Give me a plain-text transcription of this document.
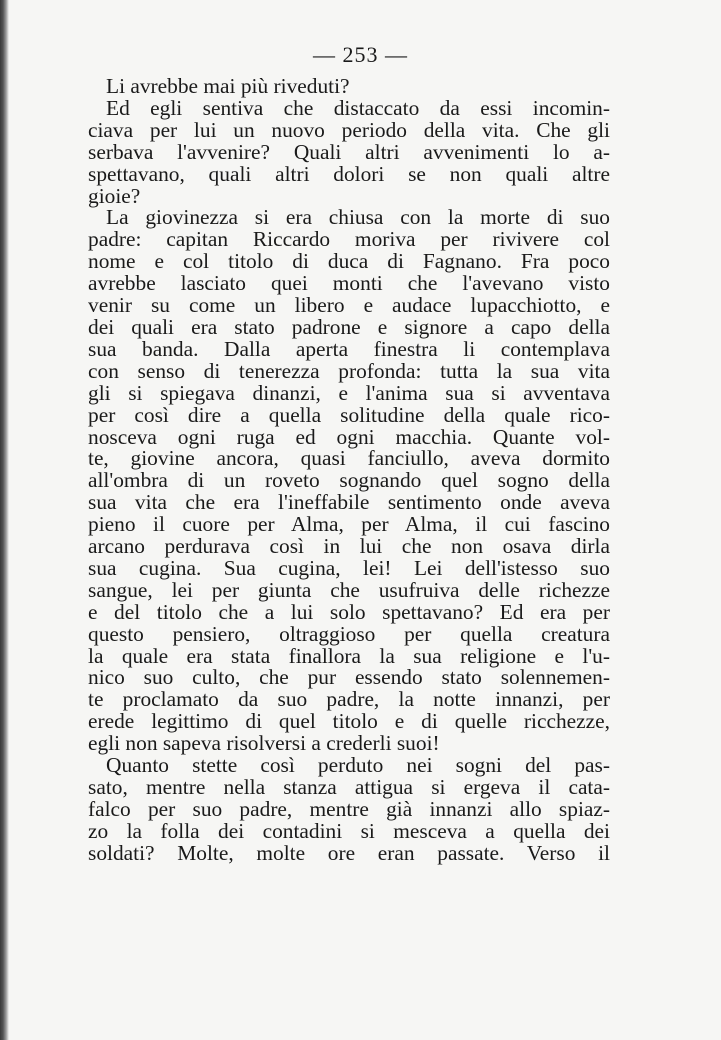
— 253 —
Li avrebbe mai più riveduti?
Ed egli sentiva che distaccato da essi incomin-
ciava per lui un nuovo periodo della vita. Che gli
serbava l'avvenire? Quali altri avvenimenti lo a-
spettavano, quali altri dolori se non quali altre
gioie?
La giovinezza si era chiusa con la morte di suo
padre: capitan Riccardo moriva per rivivere col
nome e col titolo di duca di Fagnano. Fra poco
avrebbe lasciato quei monti che l'avevano visto
venir su come un libero e audace lupacchiotto, e
dei quali era stato padrone e signore a capo della
sua banda. Dalla aperta finestra li contemplava
con senso di tenerezza profonda: tutta la sua vita
gli si spiegava dinanzi, e l'anima sua si avventava
per così dire a quella solitudine della quale rico-
nosceva ogni ruga ed ogni macchia. Quante vol-
te, giovine ancora, quasi fanciullo, aveva dormito
all'ombra di un roveto sognando quel sogno della
sua vita che era l'ineffabile sentimento onde aveva
pieno il cuore per Alma, per Alma, il cui fascino
arcano perdurava così in lui che non osava dirla
sua cugina. Sua cugina, lei! Lei dell'istesso suo
sangue, lei per giunta che usufruiva delle richezze
e del titolo che a lui solo spettavano? Ed era per
questo pensiero, oltraggioso per quella creatura
la quale era stata finallora la sua religione e l'u-
nico suo culto, che pur essendo stato solennemen-
te proclamato da suo padre, la notte innanzi, per
erede legittimo di quel titolo e di quelle ricchezze,
egli non sapeva risolversi a crederli suoi!
Quanto stette così perduto nei sogni del pas-
sato, mentre nella stanza attigua si ergeva il cata-
falco per suo padre, mentre già innanzi allo spiaz-
zo la folla dei contadini si mesceva a quella dei
soldati? Molte, molte ore eran passate. Verso il
